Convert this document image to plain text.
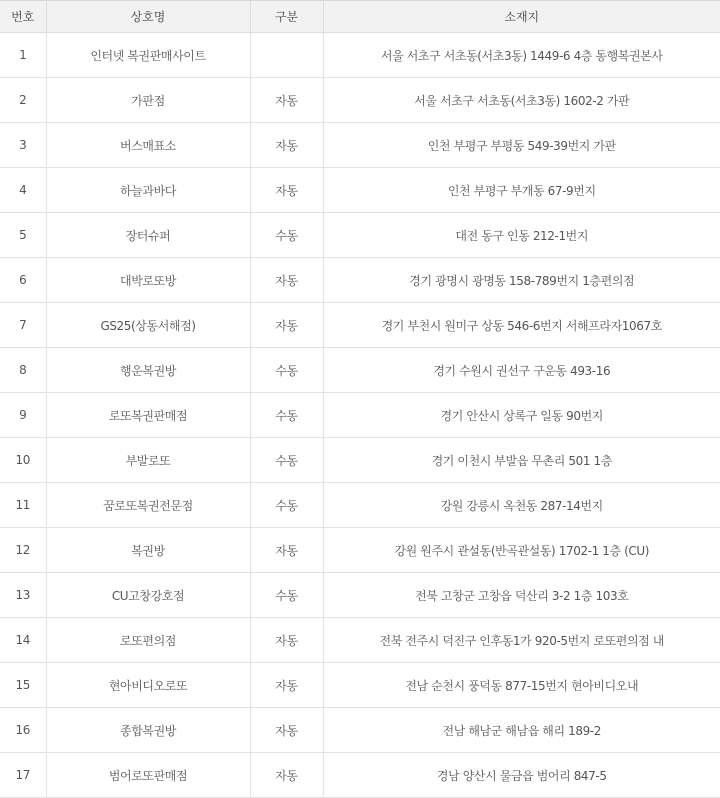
번호	상호명	구분	소재지
1	인터넷 복권판매사이트		서울 서초구 서초동(서초3동) 1449-6 4층 동행복권본사
2	가판점	자동	서울 서초구 서초동(서초3동) 1602-2 가판
3	버스매표소	자동	인천 부평구 부평동 549-39번지 가판
4	하늘과바다	자동	인천 부평구 부개동 67-9번지
5	장터슈퍼	수동	대전 동구 인동 212-1번지
6	대박로또방	자동	경기 광명시 광명동 158-789번지 1층편의점
7	GS25(상동서해점)	자동	경기 부천시 원미구 상동 546-6번지 서해프라자1067호
8	행운복권방	수동	경기 수원시 권선구 구운동 493-16
9	로또복권판매점	수동	경기 안산시 상록구 일동 90번지
10	부발로또	수동	경기 이천시 부발읍 무촌리 501 1층
11	꿈로또복권전문점	수동	강원 강릉시 옥천동 287-14번지
12	복권방	자동	강원 원주시 관설동(반곡관설동) 1702-1 1층 (CU)
13	CU고창강호점	수동	전북 고창군 고창읍 덕산리 3-2 1층 103호
14	로또편의점	자동	전북 전주시 덕진구 인후동1가 920-5번지 로또편의점 내
15	현아비디오로또	자동	전남 순천시 풍덕동 877-15번지 현아비디오내
16	종합복권방	자동	전남 해남군 해남읍 해리 189-2
17	범어로또판매점	자동	경남 양산시 물금읍 범어리 847-5
